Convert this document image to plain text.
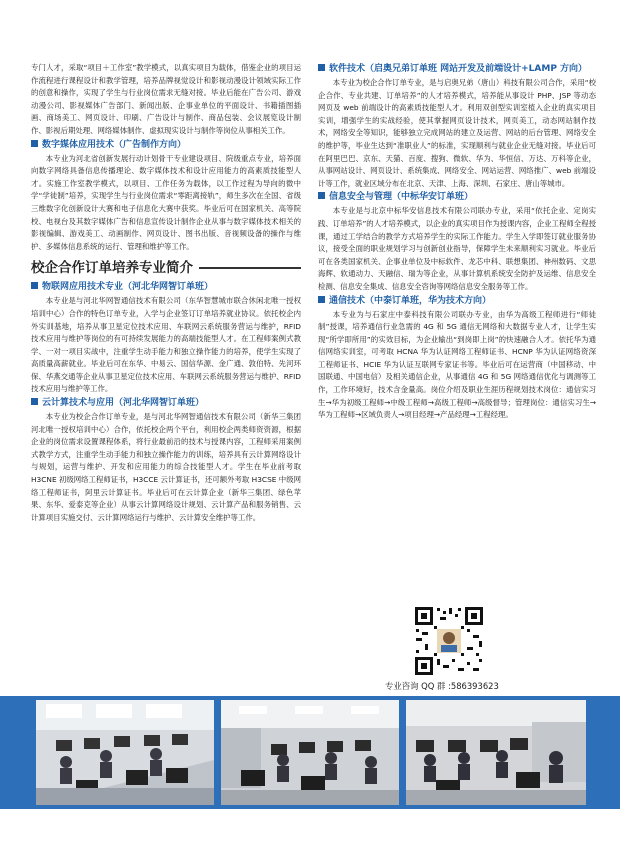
专门人才，采取“项目＋工作室”教学模式，以真实项目为载体，借鉴企业的项目运作流程进行课程设计和教学管理，培养品牌视觉设计和影视动漫设计领域实际工作的创意和操作，实现了学生与行业岗位需求无缝对接。毕业后能在广告公司、游戏动漫公司、影视媒体广告部门、新闻出版、企事业单位的平面设计、书籍插图插画、商场美工、网页设计、印刷、广告设计与制作、商品包装、会议展览设计制作、影视后期处理、网络媒体制作、虚拟现实设计与制作等岗位从事相关工作。

数字媒体应用技术（广告制作方向）

本专业为河北省创新发展行动计划骨干专业建设项目、院级重点专业，培养面向数字网络具备信息传播理论、数字媒体技术和设计应用能力的高素质技能型人才。实施工作室教学模式，以项目、工作任务为载体，以工作过程为导向的微中学“学徒制”培养，实现学生与行业岗位需求“零距离接轨”，师生多次在全国、省级三维数字化创新设计大赛和电子信息化大赛中获奖。毕业后可在国家机关、高等院校、电视台及其数字媒体广告和信息宣传设计制作企业从事与数字媒体技术相关的影视编辑、游戏美工、动画制作、网页设计、图书出版、音视频设备的操作与维护、多媒体信息系统的运行、管理和维护等工作。

校企合作订单培养专业简介
物联网应用技术专业（河北华网智订单班）

本专业是与河北华网智通信技术有限公司（东华智慧城市联合休闲北唯一授权培训中心）合作的特色订单专业，入学与企业签订订单培养就业协议。依托校企内外实训基地，培养从事卫星定位技术应用、车联网云系统服务营运与维护，RFID 技术应用与维护等岗位的有可持续发展能力的高端技能型人才。在工程师案例式教学、一对一项目实战中，注重学生动手能力和独立操作能力的培养，使学生实现了高质量高薪就业。毕业后可在东华、中易云、国信华源、金广通、敦伯特、先河环保、华燕交通等企业从事卫星定位技术应用、车联网云系统服务营运与维护、RFID 技术应用与维护等工作。

云计算技术与应用（河北华网智订单班）

本专业为校企合作订单专业，是与河北华网智通信技术有限公司（新华三集团河北唯一授权培训中心）合作，依托校企两个平台，利用校企两类师资资源，根据企业的岗位需求设置课程体系，将行业最前沿的技术与授课内容，工程师采用案例式教学方式，注重学生动手能力和独立操作能力的训练，培养具有云计算网络设计与规划，运营与维护、开发和应用能力的综合技能型人才。学生在毕业前考取 H3CNE 初级网络工程师证书，H3CCE 云计算证书，还可额外考取 H3CSE 中级网络工程师证书，阿里云计算证书。毕业后可在云计算企业（新华三集团、绿色苹果、东华、爱泰克等企业）从事云计算网络设计规划、云计算产品和服务销售、云计算项目实施交付、云计算网络运行与维护、云计算安全维护等工作。

软件技术（启奥兄弟订单班 网站开发及前端设计+LAMP 方向）

本专业为校企合作订单专业，是与启奥兄弟（唐山）科技有限公司合作，采用“校企合作、专业共建、订单培养”的人才培养模式，培养能从事设计 PHP、JSP 等动态网页及 web 前端设计的高素质技能型人才。利用双创型实训室植入企业的真实项目实训，增强学生的实战经验，使其掌握网页设计技术，网页美工，动态网站制作技术，网络安全等知识，能够独立完成网站的建立及运营、网站的后台管理、网络安全的维护等，毕业生达到“准职业人”的标准，实现顺利与就业企业无缝对接。毕业后可在阿里巴巴、京东、天猫、百度、搜狗、微软、华为、华恒信、万达、万科等企业，从事网站设计、网页设计、系统集成、网络安全、网站运营、网络推广、web 前端设计等工作，就业区域分布在北京、天津、上海、深圳、石家庄、唐山等城市。

信息安全与管理（中标华安订单班）

本专业是与北京中标华安信息技术有限公司联办专业，采用“依托企业、定岗实践、订单培养”的人才培养模式，以企业的真实项目作为授课内容，企业工程师全程授课，通过工学结合的教学方式培养学生的实际工作能力。学生入学即签订就业服务协议，接受全面的职业规划学习与创新创业指导，保障学生未来顺利实习就业。毕业后可在各类国家机关、企事业单位及中标软件、龙芯中科、联想集团、神州数码、文思海辉、软通动力、天融信、瑞为等企业，从事计算机系统安全防护及运维、信息安全检测、信息安全集成、信息安全咨询等网络信息安全服务等工作。

通信技术（中泰订单班，华为技术方向）

本专业为与石家庄中泰科技有限公司联办专业，由华为高级工程师进行“师徒制”授课，培养通信行业急需的 4G 和 5G 通信无网络和大数据专业人才，让学生实现“所学即所用”的实效目标，为企业输出“到岗即上岗”的快速融合人才。依托华为通信网络实训室，可考取 HCNA 华为认证网络工程师证书、HCNP 华为认证网络资深工程师证书、HCIE 华为认证互联网专家证书等。毕业后可在运营商（中国移动、中国联通、中国电信）及相关通信企业，从事通信 4G 和 5G 网络通信优化与调测等工作，工作环境好，技术含金量高。岗位介绍及职业生涯历程规划技术岗位：通信实习生→华为初级工程师→中级工程师→高级工程师→高级督导；管理岗位：通信实习生→华为工程师→区域负责人→项目经理→产品经理→工程经理。

专业咨询 QQ 群 :586393623
